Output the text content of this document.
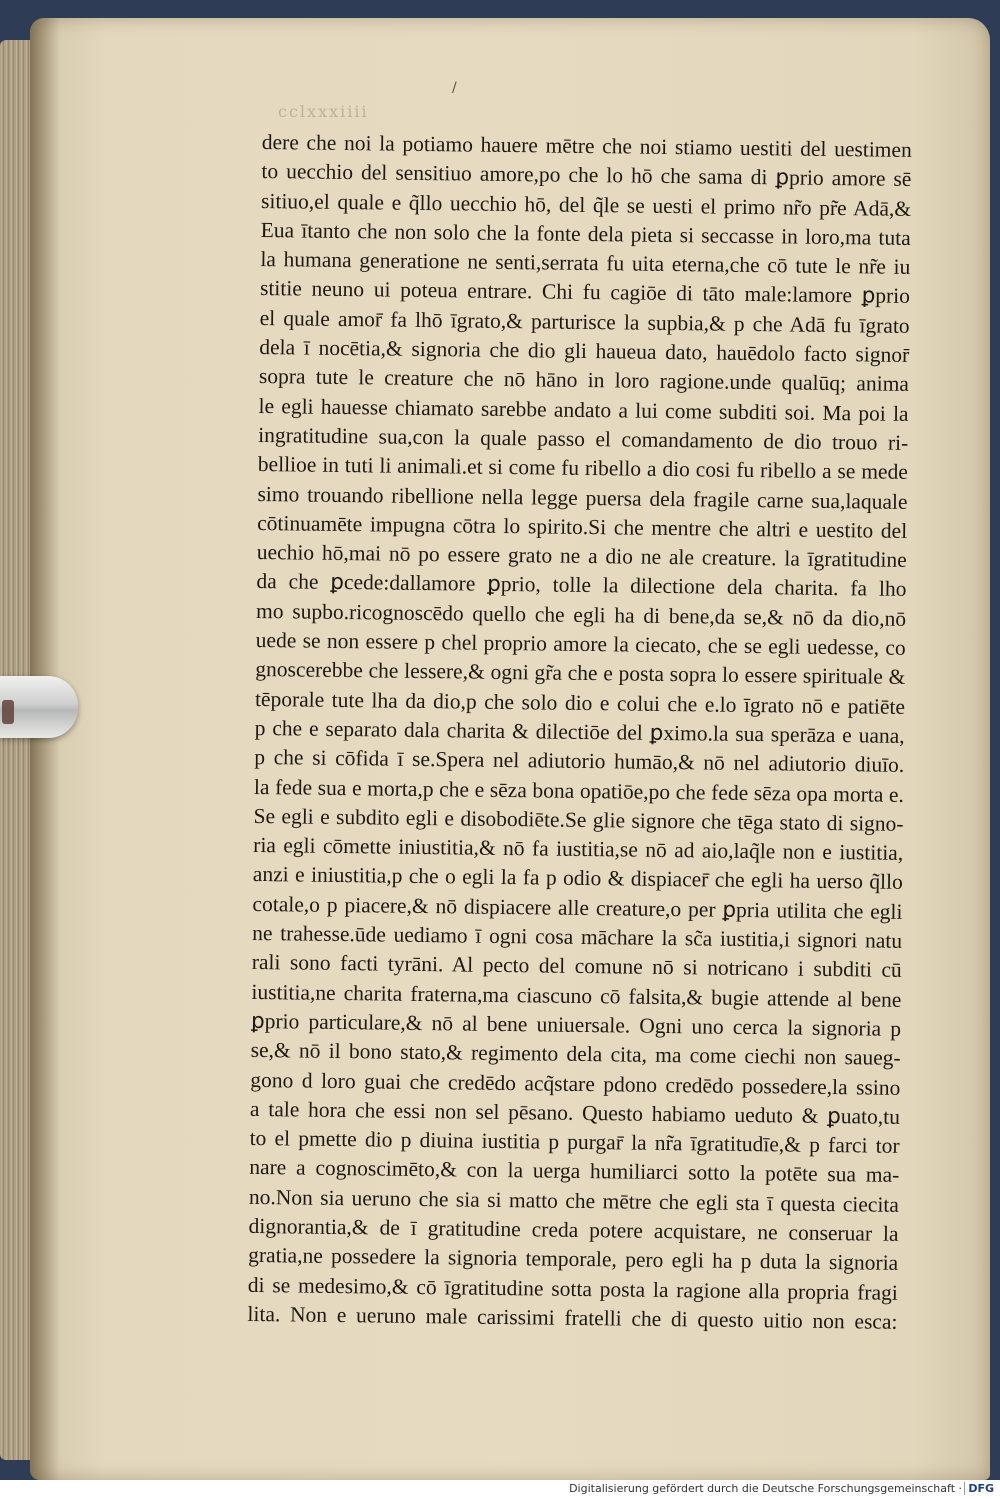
cclxxxiiii
/
dere che noi la potiamo hauere mētre che noi stiamo uestiti del uestimen
to uecchio del sensitiuo amore,po che lo hō che sama di ꝑprio amore sē
sitiuo,el quale e q̃llo uecchio hō, del q̃le se uesti el primo nr̃o pr̃e Adā,&
Eua ītanto che non solo che la fonte dela pieta si seccasse in loro,ma tuta
la humana generatione ne senti,serrata fu uita eterna,che cō tute le nr̃e iu
stitie neuno ui poteua entrare. Chi fu cagiōe di tāto male:lamore ꝑprio
el quale amor̄ fa lhō īgrato,& parturisce la supbia,& p che Adā fu īgrato
dela ī nocētia,& signoria che dio gli haueua dato, hauēdolo facto signor̄
sopra tute le creature che nō hāno in loro ragione.unde qualūq; anima
le egli hauesse chiamato sarebbe andato a lui come subditi soi. Ma poi la
ingratitudine sua,con la quale passo el comandamento de dio trouo ri-
bellioe in tuti li animali.et si come fu ribello a dio cosi fu ribello a se mede
simo trouando ribellione nella legge puersa dela fragile carne sua,laquale
cōtinuamēte impugna cōtra lo spirito.Si che mentre che altri e uestito del
uechio hō,mai nō po essere grato ne a dio ne ale creature. la īgratitudine
da che ꝑcede:dallamore ꝑprio, tolle la dilectione dela charita. fa lho
mo supbo.ricognoscēdo quello che egli ha di bene,da se,& nō da dio,nō
uede se non essere p chel proprio amore la ciecato, che se egli uedesse, co
gnoscerebbe che lessere,& ogni gr̃a che e posta sopra lo essere spirituale &
tēporale tute lha da dio,p che solo dio e colui che e.lo īgrato nō e patiēte
p che e separato dala charita & dilectiōe del ꝑximo.la sua sperāza e uana,
p che si cōfida ī se.Spera nel adiutorio humāo,& nō nel adiutorio diuīo.
la fede sua e morta,p che e sēza bona opatiōe,po che fede sēza opa morta e.
Se egli e subdito egli e disobodiēte.Se glie signore che tēga stato di signo-
ria egli cōmette iniustitia,& nō fa iustitia,se nō ad aio,laq̃le non e iustitia,
anzi e iniustitia,p che o egli la fa p odio & dispiacer̄ che egli ha uerso q̃llo
cotale,o p piacere,& nō dispiacere alle creature,o per ꝑpria utilita che egli
ne trahesse.ūde uediamo ī ogni cosa māchare la sc̃a iustitia,i signori natu
rali sono facti tyrāni. Al pecto del comune nō si notricano i subditi cū
iustitia,ne charita fraterna,ma ciascuno cō falsita,& bugie attende al bene
ꝑprio particulare,& nō al bene uniuersale. Ogni uno cerca la signoria p
se,& nō il bono stato,& regimento dela cita, ma come ciechi non saueg-
gono d loro guai che credēdo acq̃stare pdono credēdo possedere,la ssino
a tale hora che essi non sel pēsano. Questo habiamo ueduto & ꝑuato,tu
to el pmette dio p diuina iustitia p purgar̄ la nr̃a īgratitudīe,& p farci tor
nare a cognoscimēto,& con la uerga humiliarci sotto la potēte sua ma-
no.Non sia ueruno che sia si matto che mētre che egli sta ī questa ciecita
dignorantia,& de ī gratitudine creda potere acquistare, ne conseruar la
gratia,ne possedere la signoria temporale, pero egli ha p duta la signoria
di se medesimo,& cō īgratitudine sotta posta la ragione alla propria fragi
lita. Non e ueruno male carissimi fratelli che di questo uitio non esca:
Digitalisierung gefördert durch die Deutsche Forschungsgemeinschaft · DFG
